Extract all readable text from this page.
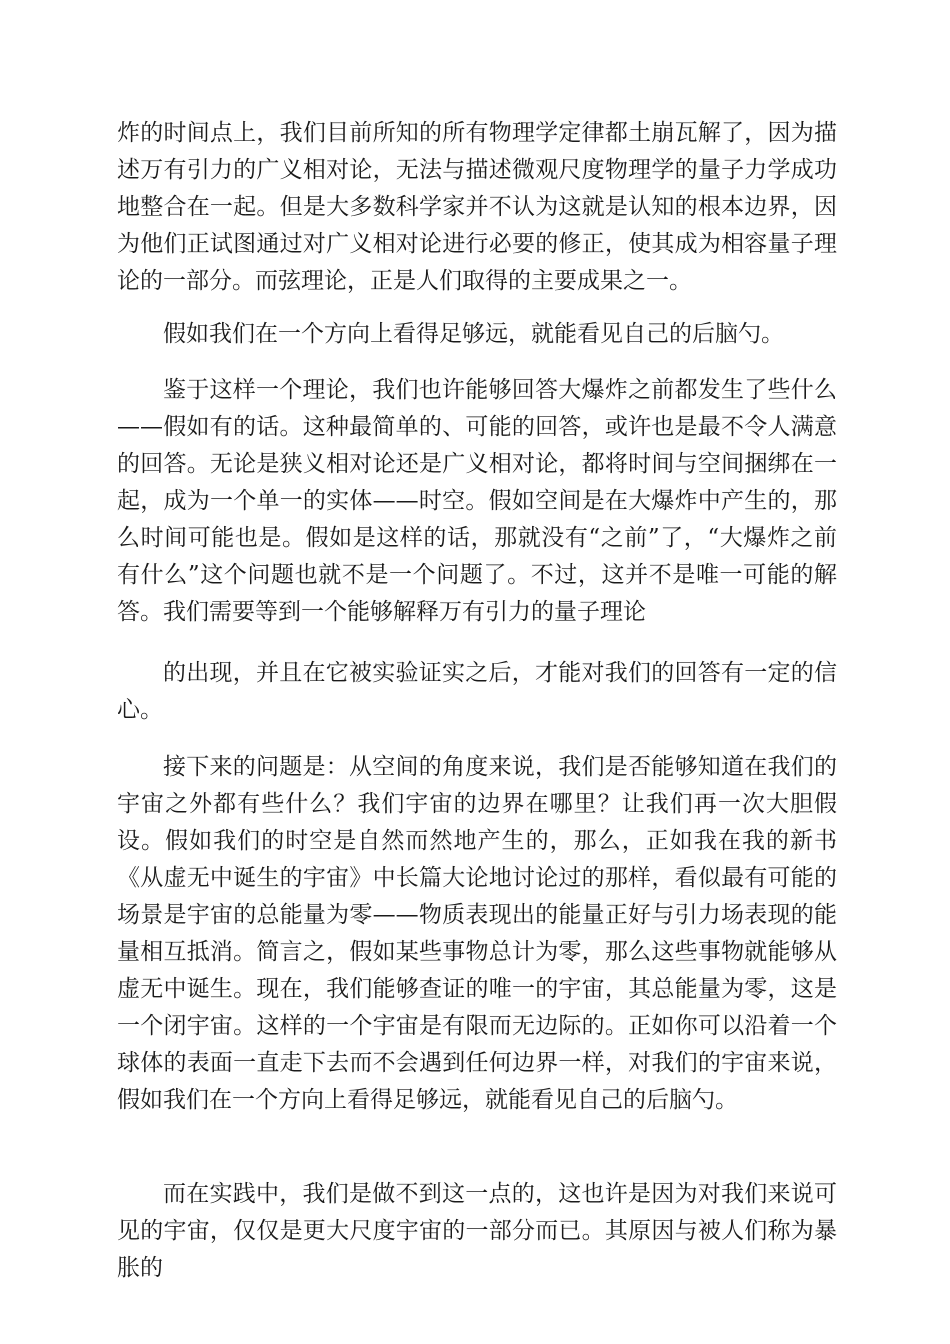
炸的时间点上，我们目前所知的所有物理学定律都土崩瓦解了，因为描述万有引力的广义相对论，无法与描述微观尺度物理学的量子力学成功地整合在一起。但是大多数科学家并不认为这就是认知的根本边界，因为他们正试图通过对广义相对论进行必要的修正，使其成为相容量子理论的一部分。而弦理论，正是人们取得的主要成果之一。

假如我们在一个方向上看得足够远，就能看见自己的后脑勺。

鉴于这样一个理论，我们也许能够回答大爆炸之前都发生了些什么——假如有的话。这种最简单的、可能的回答，或许也是最不令人满意的回答。无论是狭义相对论还是广义相对论，都将时间与空间捆绑在一起，成为一个单一的实体——时空。假如空间是在大爆炸中产生的，那么时间可能也是。假如是这样的话，那就没有“之前”了，“大爆炸之前有什么”这个问题也就不是一个问题了。不过，这并不是唯一可能的解答。我们需要等到一个能够解释万有引力的量子理论

的出现，并且在它被实验证实之后，才能对我们的回答有一定的信心。

接下来的问题是：从空间的角度来说，我们是否能够知道在我们的宇宙之外都有些什么？我们宇宙的边界在哪里？让我们再一次大胆假设。假如我们的时空是自然而然地产生的，那么，正如我在我的新书《从虚无中诞生的宇宙》中长篇大论地讨论过的那样，看似最有可能的场景是宇宙的总能量为零——物质表现出的能量正好与引力场表现的能量相互抵消。简言之，假如某些事物总计为零，那么这些事物就能够从虚无中诞生。现在，我们能够查证的唯一的宇宙，其总能量为零，这是一个闭宇宙。这样的一个宇宙是有限而无边际的。正如你可以沿着一个球体的表面一直走下去而不会遇到任何边界一样，对我们的宇宙来说，假如我们在一个方向上看得足够远，就能看见自己的后脑勺。

而在实践中，我们是做不到这一点的，这也许是因为对我们来说可见的宇宙，仅仅是更大尺度宇宙的一部分而已。其原因与被人们称为暴胀的
